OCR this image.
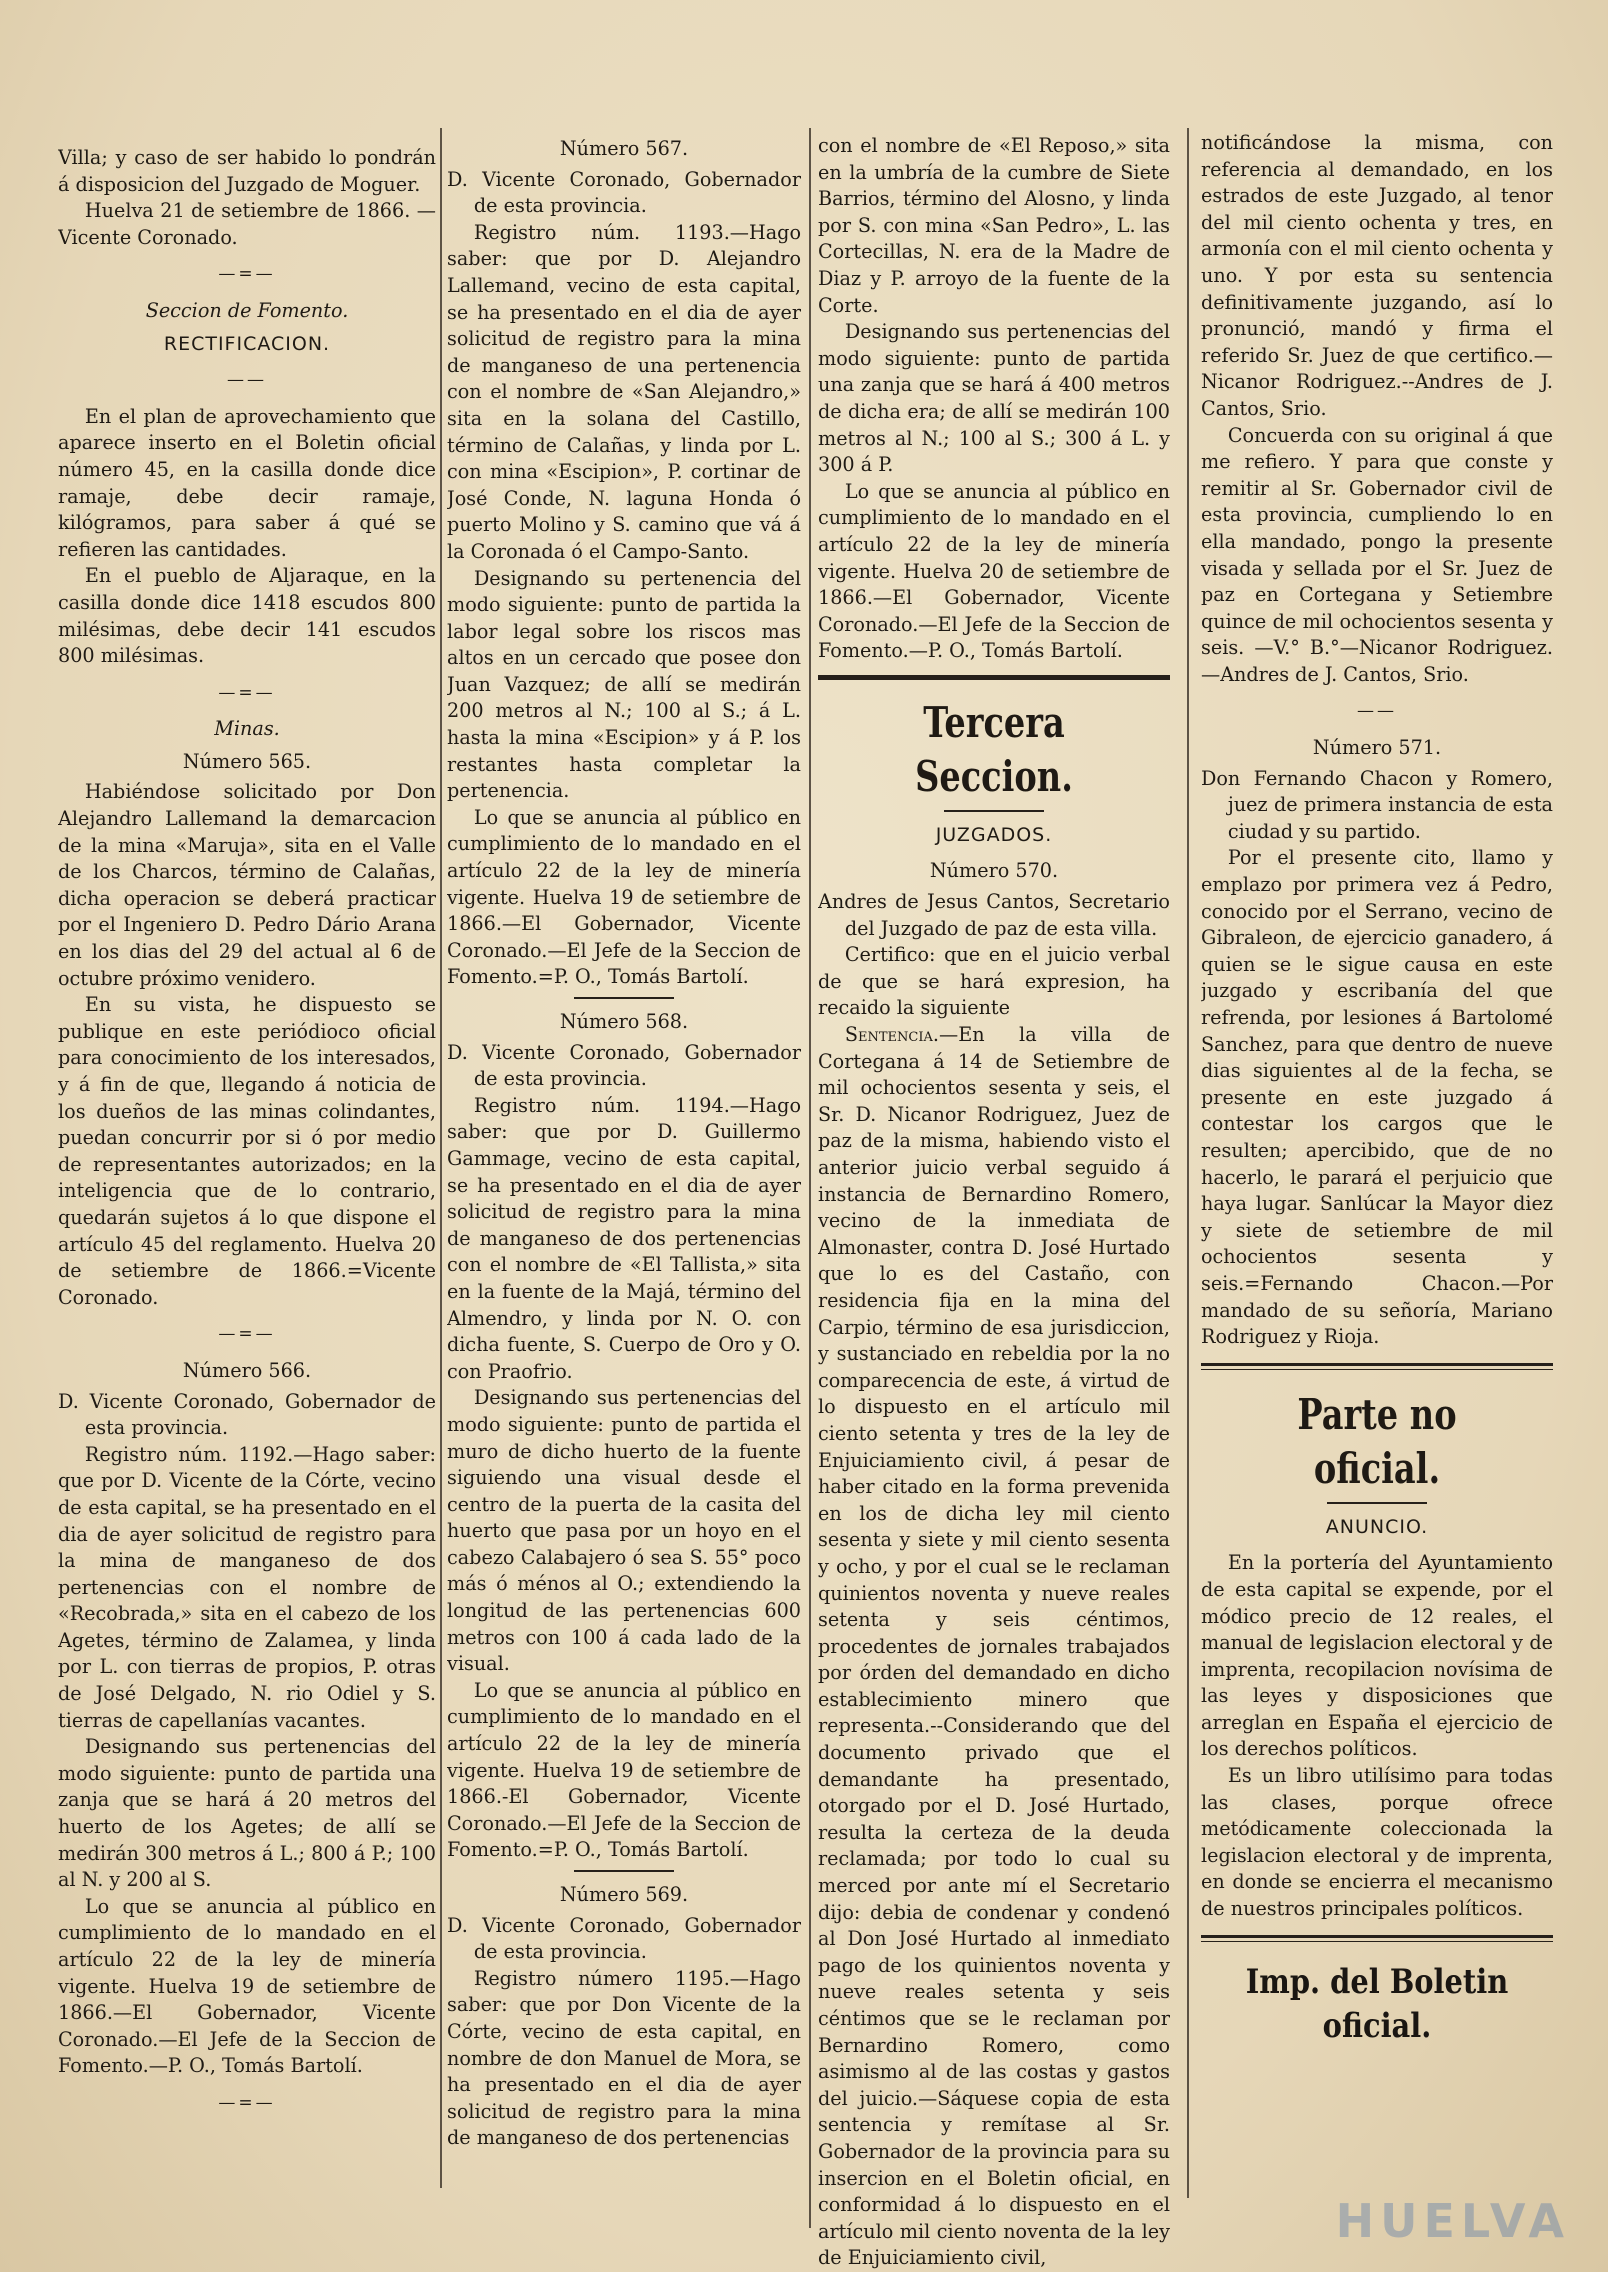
Villa; y caso de ser habido lo pondrán á disposicion del Juzgado de Moguer.

Huelva 21 de setiembre de 1866. —Vicente Coronado.

—=—

Seccion de Fomento.

RECTIFICACION.

——

En el plan de aprovechamiento que aparece inserto en el Boletin oficial número 45, en la casilla donde dice ramaje, debe decir ramaje, kilógramos, para saber á qué se refieren las cantidades.

En el pueblo de Aljaraque, en la casilla donde dice 1418 escudos 800 milésimas, debe decir 141 escudos 800 milésimas.

—=—

Minas.

Número 565.

Habiéndose solicitado por Don Alejandro Lallemand la demarcacion de la mina «Maruja», sita en el Valle de los Charcos, término de Calañas, dicha operacion se deberá practicar por el Ingeniero D. Pedro Dário Arana en los dias del 29 del actual al 6 de octubre próximo venidero.

En su vista, he dispuesto se publique en este periódioco oficial para conocimiento de los interesados, y á fin de que, llegando á noticia de los dueños de las minas colindantes, puedan concurrir por si ó por medio de representantes autorizados; en la inteligencia que de lo contrario, quedarán sujetos á lo que dispone el artículo 45 del reglamento. Huelva 20 de setiembre de 1866.=Vicente Coronado.

—=—

Número 566.

D. Vicente Coronado, Gobernador de esta provincia.

Registro núm. 1192.—Hago saber: que por D. Vicente de la Córte, vecino de esta capital, se ha presentado en el dia de ayer solicitud de registro para la mina de manganeso de dos pertenencias con el nombre de «Recobrada,» sita en el cabezo de los Agetes, término de Zalamea, y linda por L. con tierras de propios, P. otras de José Delgado, N. rio Odiel y S. tierras de capellanías vacantes.

Designando sus pertenencias del modo siguiente: punto de partida una zanja que se hará á 20 metros del huerto de los Agetes; de allí se medirán 300 metros á L.; 800 á P.; 100 al N. y 200 al S.

Lo que se anuncia al público en cumplimiento de lo mandado en el artículo 22 de la ley de minería vigente. Huelva 19 de setiembre de 1866.—El Gobernador, Vicente Coronado.—El Jefe de la Seccion de Fomento.—P. O., Tomás Bartolí.

—=—

Número 567.

D. Vicente Coronado, Gobernador de esta provincia.

Registro núm. 1193.—Hago saber: que por D. Alejandro Lallemand, vecino de esta capital, se ha presentado en el dia de ayer solicitud de registro para la mina de manganeso de una pertenencia con el nombre de «San Alejandro,» sita en la solana del Castillo, término de Calañas, y linda por L. con mina «Escipion», P. cortinar de José Conde, N. laguna Honda ó puerto Molino y S. camino que vá á la Coronada ó el Campo-Santo.

Designando su pertenencia del modo siguiente: punto de partida la labor legal sobre los riscos mas altos en un cercado que posee don Juan Vazquez; de allí se medirán 200 metros al N.; 100 al S.; á L. hasta la mina «Escipion» y á P. los restantes hasta completar la pertenencia.

Lo que se anuncia al público en cumplimiento de lo mandado en el artículo 22 de la ley de minería vigente. Huelva 19 de setiembre de 1866.—El Gobernador, Vicente Coronado.—El Jefe de la Seccion de Fomento.=P. O., Tomás Bartolí.

Número 568.

D. Vicente Coronado, Gobernador de esta provincia.

Registro núm. 1194.—Hago saber: que por D. Guillermo Gammage, vecino de esta capital, se ha presentado en el dia de ayer solicitud de registro para la mina de manganeso de dos pertenencias con el nombre de «El Tallista,» sita en la fuente de la Majá, término del Almendro, y linda por N. O. con dicha fuente, S. Cuerpo de Oro y O. con Praofrio.

Designando sus pertenencias del modo siguiente: punto de partida el muro de dicho huerto de la fuente siguiendo una visual desde el centro de la puerta de la casita del huerto que pasa por un hoyo en el cabezo Calabajero ó sea S. 55° poco más ó ménos al O.; extendiendo la longitud de las pertenencias 600 metros con 100 á cada lado de la visual.

Lo que se anuncia al público en cumplimiento de lo mandado en el artículo 22 de la ley de minería vigente. Huelva 19 de setiembre de 1866.-El Gobernador, Vicente Coronado.—El Jefe de la Seccion de Fomento.=P. O., Tomás Bartolí.

Número 569.

D. Vicente Coronado, Gobernador de esta provincia.

Registro número 1195.—Hago saber: que por Don Vicente de la Córte, vecino de esta capital, en nombre de don Manuel de Mora, se ha presentado en el dia de ayer solicitud de registro para la mina de manganeso de dos pertenencias

con el nombre de «El Reposo,» sita en la umbría de la cumbre de Siete Barrios, término del Alosno, y linda por S. con mina «San Pedro», L. las Cortecillas, N. era de la Madre de Diaz y P. arroyo de la fuente de la Corte.

Designando sus pertenencias del modo siguiente: punto de partida una zanja que se hará á 400 metros de dicha era; de allí se medirán 100 metros al N.; 100 al S.; 300 á L. y 300 á P.

Lo que se anuncia al público en cumplimiento de lo mandado en el artículo 22 de la ley de minería vigente. Huelva 20 de setiembre de 1866.—El Gobernador, Vicente Coronado.—El Jefe de la Seccion de Fomento.—P. O., Tomás Bartolí.

Tercera Seccion.

JUZGADOS.

Número 570.

Andres de Jesus Cantos, Secretario del Juzgado de paz de esta villa.

Certifico: que en el juicio verbal de que se hará expresion, ha recaido la siguiente

Sentencia.—En la villa de Cortegana á 14 de Setiembre de mil ochocientos sesenta y seis, el Sr. D. Nicanor Rodriguez, Juez de paz de la misma, habiendo visto el anterior juicio verbal seguido á instancia de Bernardino Romero, vecino de la inmediata de Almonaster, contra D. José Hurtado que lo es del Castaño, con residencia fija en la mina del Carpio, término de esa jurisdiccion, y sustanciado en rebeldia por la no comparecencia de este, á virtud de lo dispuesto en el artículo mil ciento setenta y tres de la ley de Enjuiciamiento civil, á pesar de haber citado en la forma prevenida en los de dicha ley mil ciento sesenta y siete y mil ciento sesenta y ocho, y por el cual se le reclaman quinientos noventa y nueve reales setenta y seis céntimos, procedentes de jornales trabajados por órden del demandado en dicho establecimiento minero que representa.--Considerando que del documento privado que el demandante ha presentado, otorgado por el D. José Hurtado, resulta la certeza de la deuda reclamada; por todo lo cual su merced por ante mí el Secretario dijo: debia de condenar y condenó al Don José Hurtado al inmediato pago de los quinientos noventa y nueve reales setenta y seis céntimos que se le reclaman por Bernardino Romero, como asimismo al de las costas y gastos del juicio.—Sáquese copia de esta sentencia y remítase al Sr. Gobernador de la provincia para su insercion en el Boletin oficial, en conformidad á lo dispuesto en el artículo mil ciento noventa de la ley de Enjuiciamiento civil,

notificándose la misma, con referencia al demandado, en los estrados de este Juzgado, al tenor del mil ciento ochenta y tres, en armonía con el mil ciento ochenta y uno. Y por esta su sentencia definitivamente juzgando, así lo pronunció, mandó y firma el referido Sr. Juez de que certifico.—Nicanor Rodriguez.--Andres de J. Cantos, Srio.

Concuerda con su original á que me refiero. Y para que conste y remitir al Sr. Gobernador civil de esta provincia, cumpliendo lo en ella mandado, pongo la presente visada y sellada por el Sr. Juez de paz en Cortegana y Setiembre quince de mil ochocientos sesenta y seis. —V.° B.°—Nicanor Rodriguez.—Andres de J. Cantos, Srio.

——

Número 571.

Don Fernando Chacon y Romero, juez de primera instancia de esta ciudad y su partido.

Por el presente cito, llamo y emplazo por primera vez á Pedro, conocido por el Serrano, vecino de Gibraleon, de ejercicio ganadero, á quien se le sigue causa en este juzgado y escribanía del que refrenda, por lesiones á Bartolomé Sanchez, para que dentro de nueve dias siguientes al de la fecha, se presente en este juzgado á contestar los cargos que le resulten; apercibido, que de no hacerlo, le parará el perjuicio que haya lugar. Sanlúcar la Mayor diez y siete de setiembre de mil ochocientos sesenta y seis.=Fernando Chacon.—Por mandado de su señoría, Mariano Rodriguez y Rioja.

Parte no oficial.

ANUNCIO.

En la portería del Ayuntamiento de esta capital se expende, por el módico precio de 12 reales, el manual de legislacion electoral y de imprenta, recopilacion novísima de las leyes y disposiciones que arreglan en España el ejercicio de los derechos políticos.

Es un libro utilísimo para todas las clases, porque ofrece metódicamente coleccionada la legislacion electoral y de imprenta, en donde se encierra el mecanismo de nuestros principales políticos.

Imp. del Boletin oficial.
HUELVA
